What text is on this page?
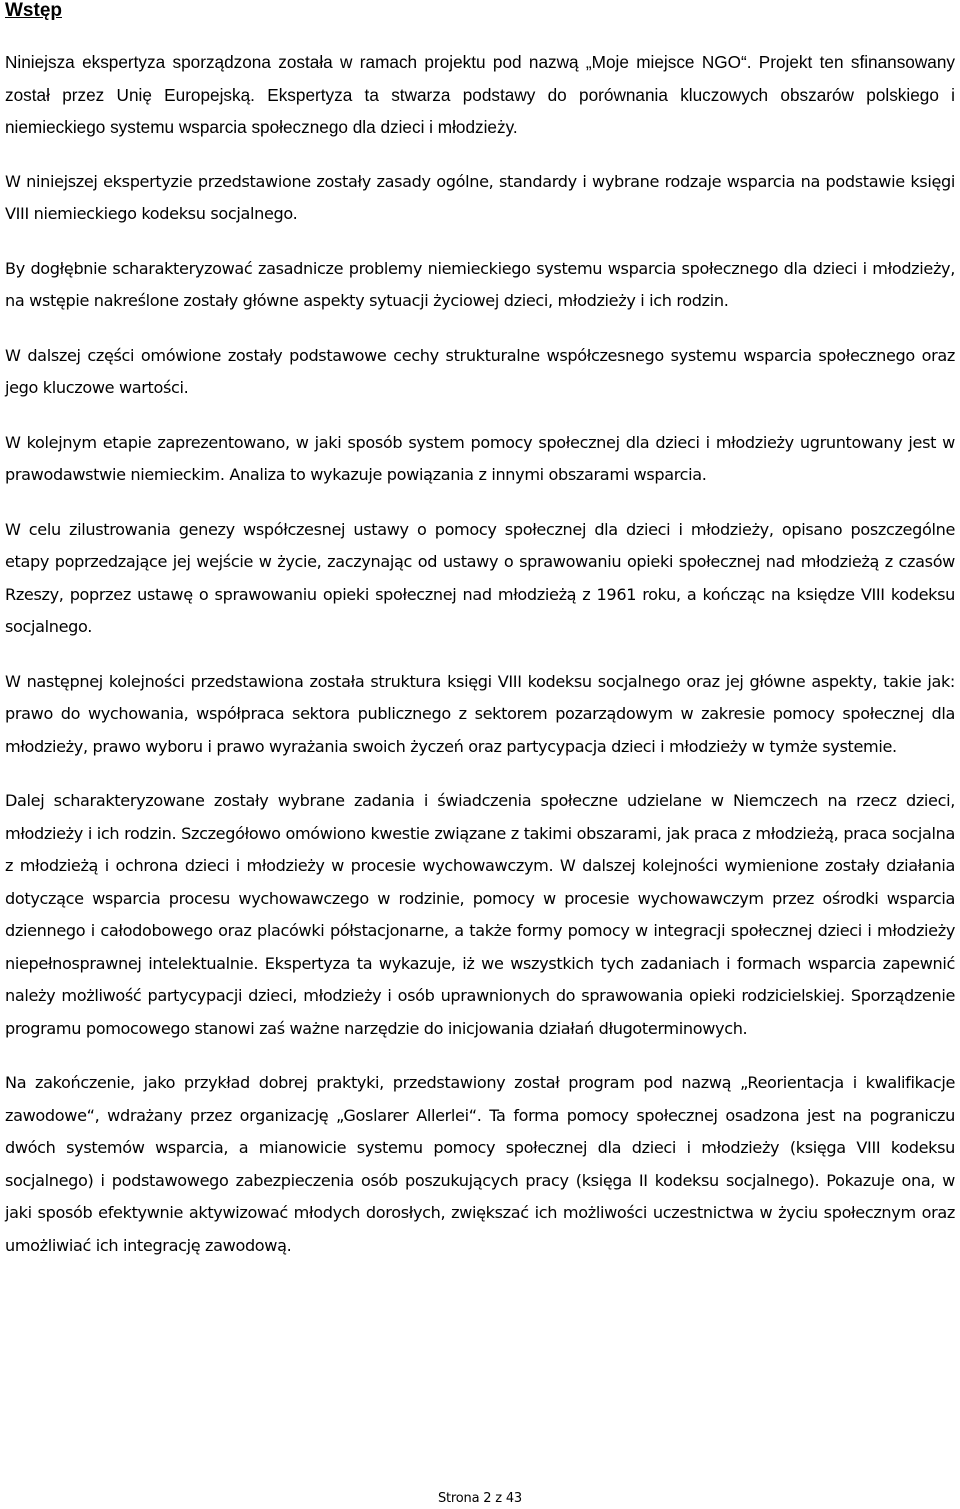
Wstęp

Niniejsza ekspertyza sporządzona została w ramach projektu pod nazwą „Moje miejsce NGO“. Projekt ten sfinansowany został przez Unię Europejską. Ekspertyza ta stwarza podstawy do porównania kluczowych obszarów polskiego i niemieckiego systemu wsparcia społecznego dla dzieci i młodzieży.

W niniejszej ekspertyzie przedstawione zostały zasady ogólne, standardy i wybrane rodzaje wsparcia na podstawie księgi VIII niemieckiego kodeksu socjalnego.

By dogłębnie scharakteryzować zasadnicze problemy niemieckiego systemu wsparcia społecznego dla dzieci i młodzieży, na wstępie nakreślone zostały główne aspekty sytuacji życiowej dzieci, młodzieży i ich rodzin.

W dalszej części omówione zostały podstawowe cechy strukturalne współczesnego systemu wsparcia społecznego oraz jego kluczowe wartości.

W kolejnym etapie zaprezentowano, w jaki sposób system pomocy społecznej dla dzieci i młodzieży ugruntowany jest w prawodawstwie niemieckim. Analiza to wykazuje powiązania z innymi obszarami wsparcia.

W celu zilustrowania genezy współczesnej ustawy o pomocy społecznej dla dzieci i młodzieży, opisano poszczególne etapy poprzedzające jej wejście w życie, zaczynając od ustawy o sprawowaniu opieki społecznej nad młodzieżą z czasów Rzeszy, poprzez ustawę o sprawowaniu opieki społecznej nad młodzieżą z 1961 roku, a kończąc na księdze VIII kodeksu socjalnego.

W następnej kolejności przedstawiona została struktura księgi VIII kodeksu socjalnego oraz jej główne aspekty, takie jak: prawo do wychowania, współpraca sektora publicznego z sektorem pozarządowym w zakresie pomocy społecznej dla młodzieży, prawo wyboru i prawo wyrażania swoich życzeń oraz partycypacja dzieci i młodzieży w tymże systemie.

Dalej scharakteryzowane zostały wybrane zadania i świadczenia społeczne udzielane w Niemczech na rzecz dzieci, młodzieży i ich rodzin. Szczegółowo omówiono kwestie związane z takimi obszarami, jak praca z młodzieżą, praca socjalna z młodzieżą i ochrona dzieci i młodzieży w procesie wychowawczym. W dalszej kolejności wymienione zostały działania dotyczące wsparcia procesu wychowawczego w rodzinie, pomocy w procesie wychowawczym przez ośrodki wsparcia dziennego i całodobowego oraz placówki półstacjonarne, a także formy pomocy w integracji społecznej dzieci i młodzieży niepełnosprawnej intelektualnie. Ekspertyza ta wykazuje, iż we wszystkich tych zadaniach i formach wsparcia zapewnić należy możliwość partycypacji dzieci, młodzieży i osób uprawnionych do sprawowania opieki rodzicielskiej. Sporządzenie programu pomocowego stanowi zaś ważne narzędzie do inicjowania działań długoterminowych.

Na zakończenie, jako przykład dobrej praktyki, przedstawiony został program pod nazwą „Reorientacja i kwalifikacje zawodowe“, wdrażany przez organizację „Goslarer Allerlei“. Ta forma pomocy społecznej osadzona jest na pograniczu dwóch systemów wsparcia, a mianowicie systemu pomocy społecznej dla dzieci i młodzieży (księga VIII kodeksu socjalnego) i podstawowego zabezpieczenia osób poszukujących pracy (księga II kodeksu socjalnego). Pokazuje ona, w jaki sposób efektywnie aktywizować młodych dorosłych, zwiększać ich możliwości uczestnictwa w życiu społecznym oraz umożliwiać ich integrację zawodową.

Strona 2 z 43
